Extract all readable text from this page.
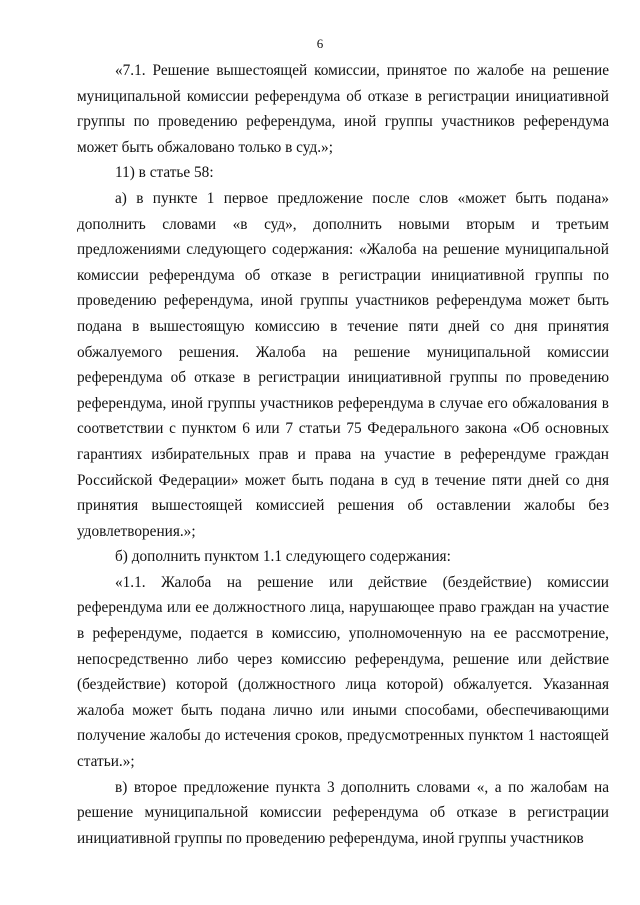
6

«7.1. Решение вышестоящей комиссии, принятое по жалобе на решение муниципальной комиссии референдума об отказе в регистрации инициативной группы по проведению референдума, иной группы участников референдума может быть обжаловано только в суд.»;

11) в статье 58:

а) в пункте 1 первое предложение после слов «может быть подана» дополнить словами «в суд», дополнить новыми вторым и третьим предложениями следующего содержания: «Жалоба на решение муниципальной комиссии референдума об отказе в регистрации инициативной группы по проведению референдума, иной группы участников референдума может быть подана в вышестоящую комиссию в течение пяти дней со дня принятия обжалуемого решения. Жалоба на решение муниципальной комиссии референдума об отказе в регистрации инициативной группы по проведению референдума, иной группы участников референдума в случае его обжалования в соответствии с пунктом 6 или 7 статьи 75 Федерального закона «Об основных гарантиях избирательных прав и права на участие в референдуме граждан Российской Федерации» может быть подана в суд в течение пяти дней со дня принятия вышестоящей комиссией решения об оставлении жалобы без удовлетворения.»;

б) дополнить пунктом 1.1 следующего содержания:

«1.1. Жалоба на решение или действие (бездействие) комиссии референдума или ее должностного лица, нарушающее право граждан на участие в референдуме, подается в комиссию, уполномоченную на ее рассмотрение, непосредственно либо через комиссию референдума, решение или действие (бездействие) которой (должностного лица которой) обжалуется. Указанная жалоба может быть подана лично или иными способами, обеспечивающими получение жалобы до истечения сроков, предусмотренных пунктом 1 настоящей статьи.»;

в) второе предложение пункта 3 дополнить словами «, а по жалобам на решение муниципальной комиссии референдума об отказе в регистрации инициативной группы по проведению референдума, иной группы участников
